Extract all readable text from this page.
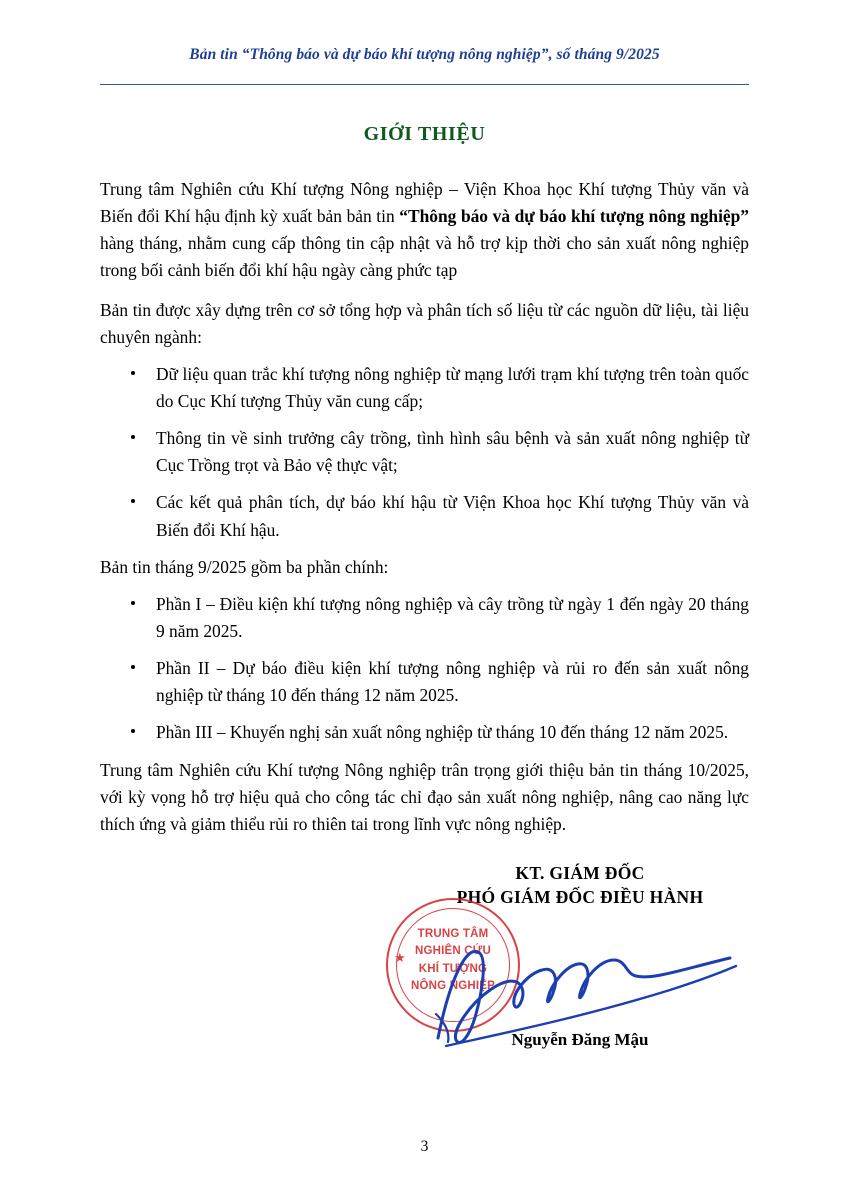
Bản tin “Thông báo và dự báo khí tượng nông nghiệp”, số tháng 9/2025
GIỚI THIỆU

Trung tâm Nghiên cứu Khí tượng Nông nghiệp – Viện Khoa học Khí tượng Thủy văn và Biến đổi Khí hậu định kỳ xuất bản bản tin “Thông báo và dự báo khí tượng nông nghiệp” hàng tháng, nhằm cung cấp thông tin cập nhật và hỗ trợ kịp thời cho sản xuất nông nghiệp trong bối cảnh biến đổi khí hậu ngày càng phức tạp

Bản tin được xây dựng trên cơ sở tổng hợp và phân tích số liệu từ các nguồn dữ liệu, tài liệu chuyên ngành:

Dữ liệu quan trắc khí tượng nông nghiệp từ mạng lưới trạm khí tượng trên toàn quốc do Cục Khí tượng Thủy văn cung cấp;
Thông tin về sinh trưởng cây trồng, tình hình sâu bệnh và sản xuất nông nghiệp từ Cục Trồng trọt và Bảo vệ thực vật;
Các kết quả phân tích, dự báo khí hậu từ Viện Khoa học Khí tượng Thủy văn và Biến đổi Khí hậu.

Bản tin tháng 9/2025 gồm ba phần chính:

Phần I – Điều kiện khí tượng nông nghiệp và cây trồng từ ngày 1 đến ngày 20 tháng 9 năm 2025.
Phần II – Dự báo điều kiện khí tượng nông nghiệp và rủi ro đến sản xuất nông nghiệp từ tháng 10 đến tháng 12 năm 2025.
Phần III – Khuyến nghị sản xuất nông nghiệp từ tháng 10 đến tháng 12 năm 2025.

Trung tâm Nghiên cứu Khí tượng Nông nghiệp trân trọng giới thiệu bản tin tháng 10/2025, với kỳ vọng hỗ trợ hiệu quả cho công tác chỉ đạo sản xuất nông nghiệp, nâng cao năng lực thích ứng và giảm thiểu rủi ro thiên tai trong lĩnh vực nông nghiệp.

KT. GIÁM ĐỐC
PHÓ GIÁM ĐỐC ĐIỀU HÀNH
★
TRUNG TÂM
NGHIÊN CỨU
KHÍ TƯỢNG
NÔNG NGHIỆP
Nguyễn Đăng Mậu
3
